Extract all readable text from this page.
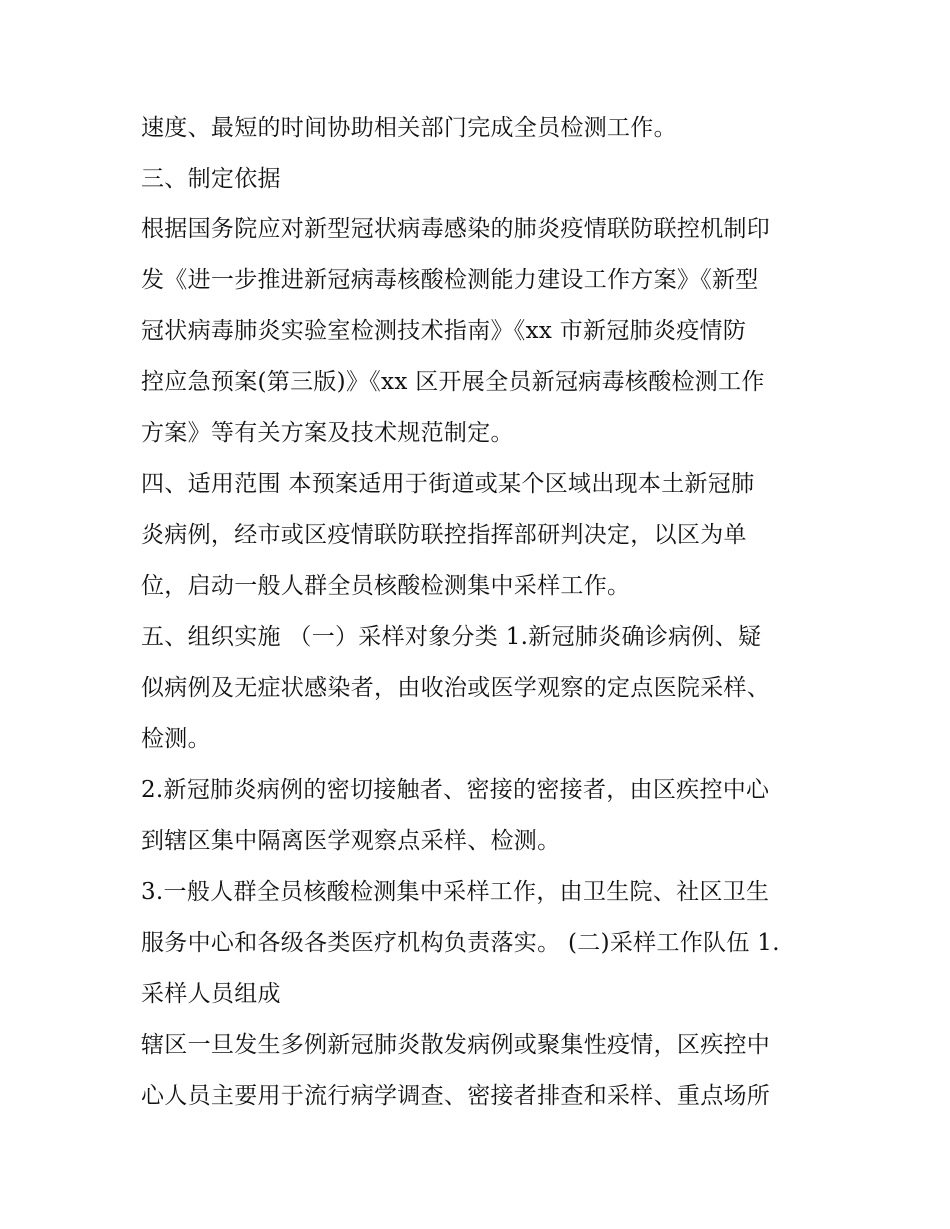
速度、最短的时间协助相关部门完成全员检测工作。
三、制定依据
根据国务院应对新型冠状病毒感染的肺炎疫情联防联控机制印
发《进一步推进新冠病毒核酸检测能力建设工作方案》《新型
冠状病毒肺炎实验室检测技术指南》《xx 市新冠肺炎疫情防
控应急预案(第三版)》《xx 区开展全员新冠病毒核酸检测工作
方案》等有关方案及技术规范制定。
四、适用范围 本预案适用于街道或某个区域出现本土新冠肺
炎病例，经市或区疫情联防联控指挥部研判决定，以区为单
位，启动一般人群全员核酸检测集中采样工作。
五、组织实施 （一）采样对象分类 1.新冠肺炎确诊病例、疑
似病例及无症状感染者，由收治或医学观察的定点医院采样、
检测。
2.新冠肺炎病例的密切接触者、密接的密接者，由区疾控中心
到辖区集中隔离医学观察点采样、检测。
3.一般人群全员核酸检测集中采样工作，由卫生院、社区卫生
服务中心和各级各类医疗机构负责落实。 (二)采样工作队伍 1.
采样人员组成
辖区一旦发生多例新冠肺炎散发病例或聚集性疫情，区疾控中
心人员主要用于流行病学调查、密接者排查和采样、重点场所
